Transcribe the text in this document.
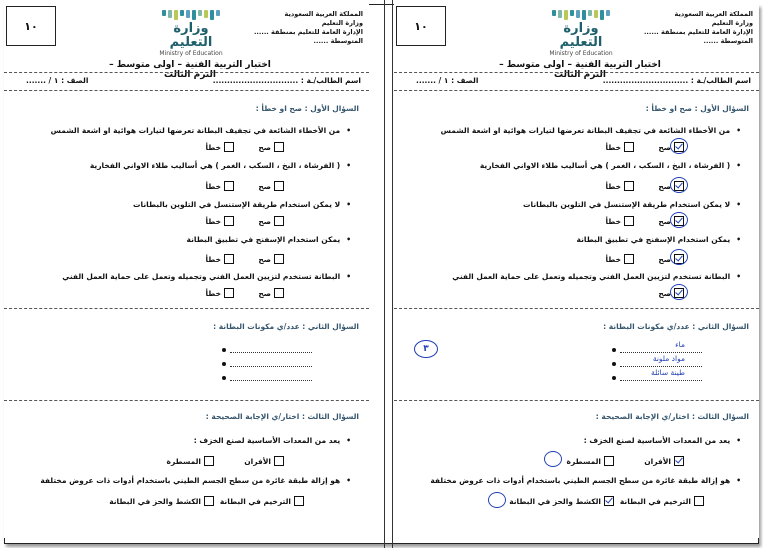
١٠	وزارة التعليم
Ministry of Education
المملكة العربية السعودية
وزارة التعليم
الإدارة العامة للتعليم بمنطقة ......
المتوسطة ......
اختبار التربية الفنية – اولى متوسط – الترم الثالث
اسم الطالب/ـة : ..............................
الصف : ١ / .......
السؤال الأول : صح او خطأ :
•من الأخطاء الشائعة في تجفيف البطانة تعرضها لتيارات هوائية او اشعة الشمس
صح
خطأ
•( الفرشاة ، البخ ، السكب ، الغمر ) هي أساليب طلاء الاواني الفخارية
صح
خطأ
•لا يمكن استخدام طريقة الإستنسل في التلوين بالبطانات
صح
خطأ
•يمكن استخدام الإسفنج في تطبيق البطانة
صح
خطأ
•البطانة تستخدم لتزيين العمل الفني وتجميله وتعمل على حماية العمل الفني
صح
خطأ
السؤال الثاني : عدد/ي مكونات البطانة :
السؤال الثالث : اختار/ي الإجابة الصحيحة :
•يعد من المعدات الأساسية لصنع الخزف :
الأفران
المسطرة
•هو إزالة طبقة غائرة من سطح الجسم الطيني باستخدام أدوات ذات عروض مختلفة
الترخيم في البطانة
الكشط والحز في البطانة
١٠	وزارة التعليم
Ministry of Education
المملكة العربية السعودية
وزارة التعليم
الإدارة العامة للتعليم بمنطقة ......
المتوسطة ......
اختبار التربية الفنية – اولى متوسط – الترم الثالث
اسم الطالب/ـة : ..............................
الصف : ١ / .......
السؤال الأول : صح او خطأ :
•من الأخطاء الشائعة في تجفيف البطانة تعرضها لتيارات هوائية او اشعة الشمس
صح
خطأ
•( الفرشاة ، البخ ، السكب ، الغمر ) هي أساليب طلاء الاواني الفخارية
صح
خطأ
•لا يمكن استخدام طريقة الإستنسل في التلوين بالبطانات
صح
خطأ
•يمكن استخدام الإسفنج في تطبيق البطانة
صح
خطأ
•البطانة تستخدم لتزيين العمل الفني وتجميله وتعمل على حماية العمل الفني
صح
السؤال الثاني : عدد/ي مكونات البطانة :
٣	ماء
مواد ملونة
طينة سائلة
السؤال الثالث : اختار/ي الإجابة الصحيحة :
•يعد من المعدات الأساسية لصنع الخزف :
الأفران
المسطرة
•هو إزالة طبقة غائرة من سطح الجسم الطيني باستخدام أدوات ذات عروض مختلفة
الترخيم في البطانة
الكشط والحز في البطانة
